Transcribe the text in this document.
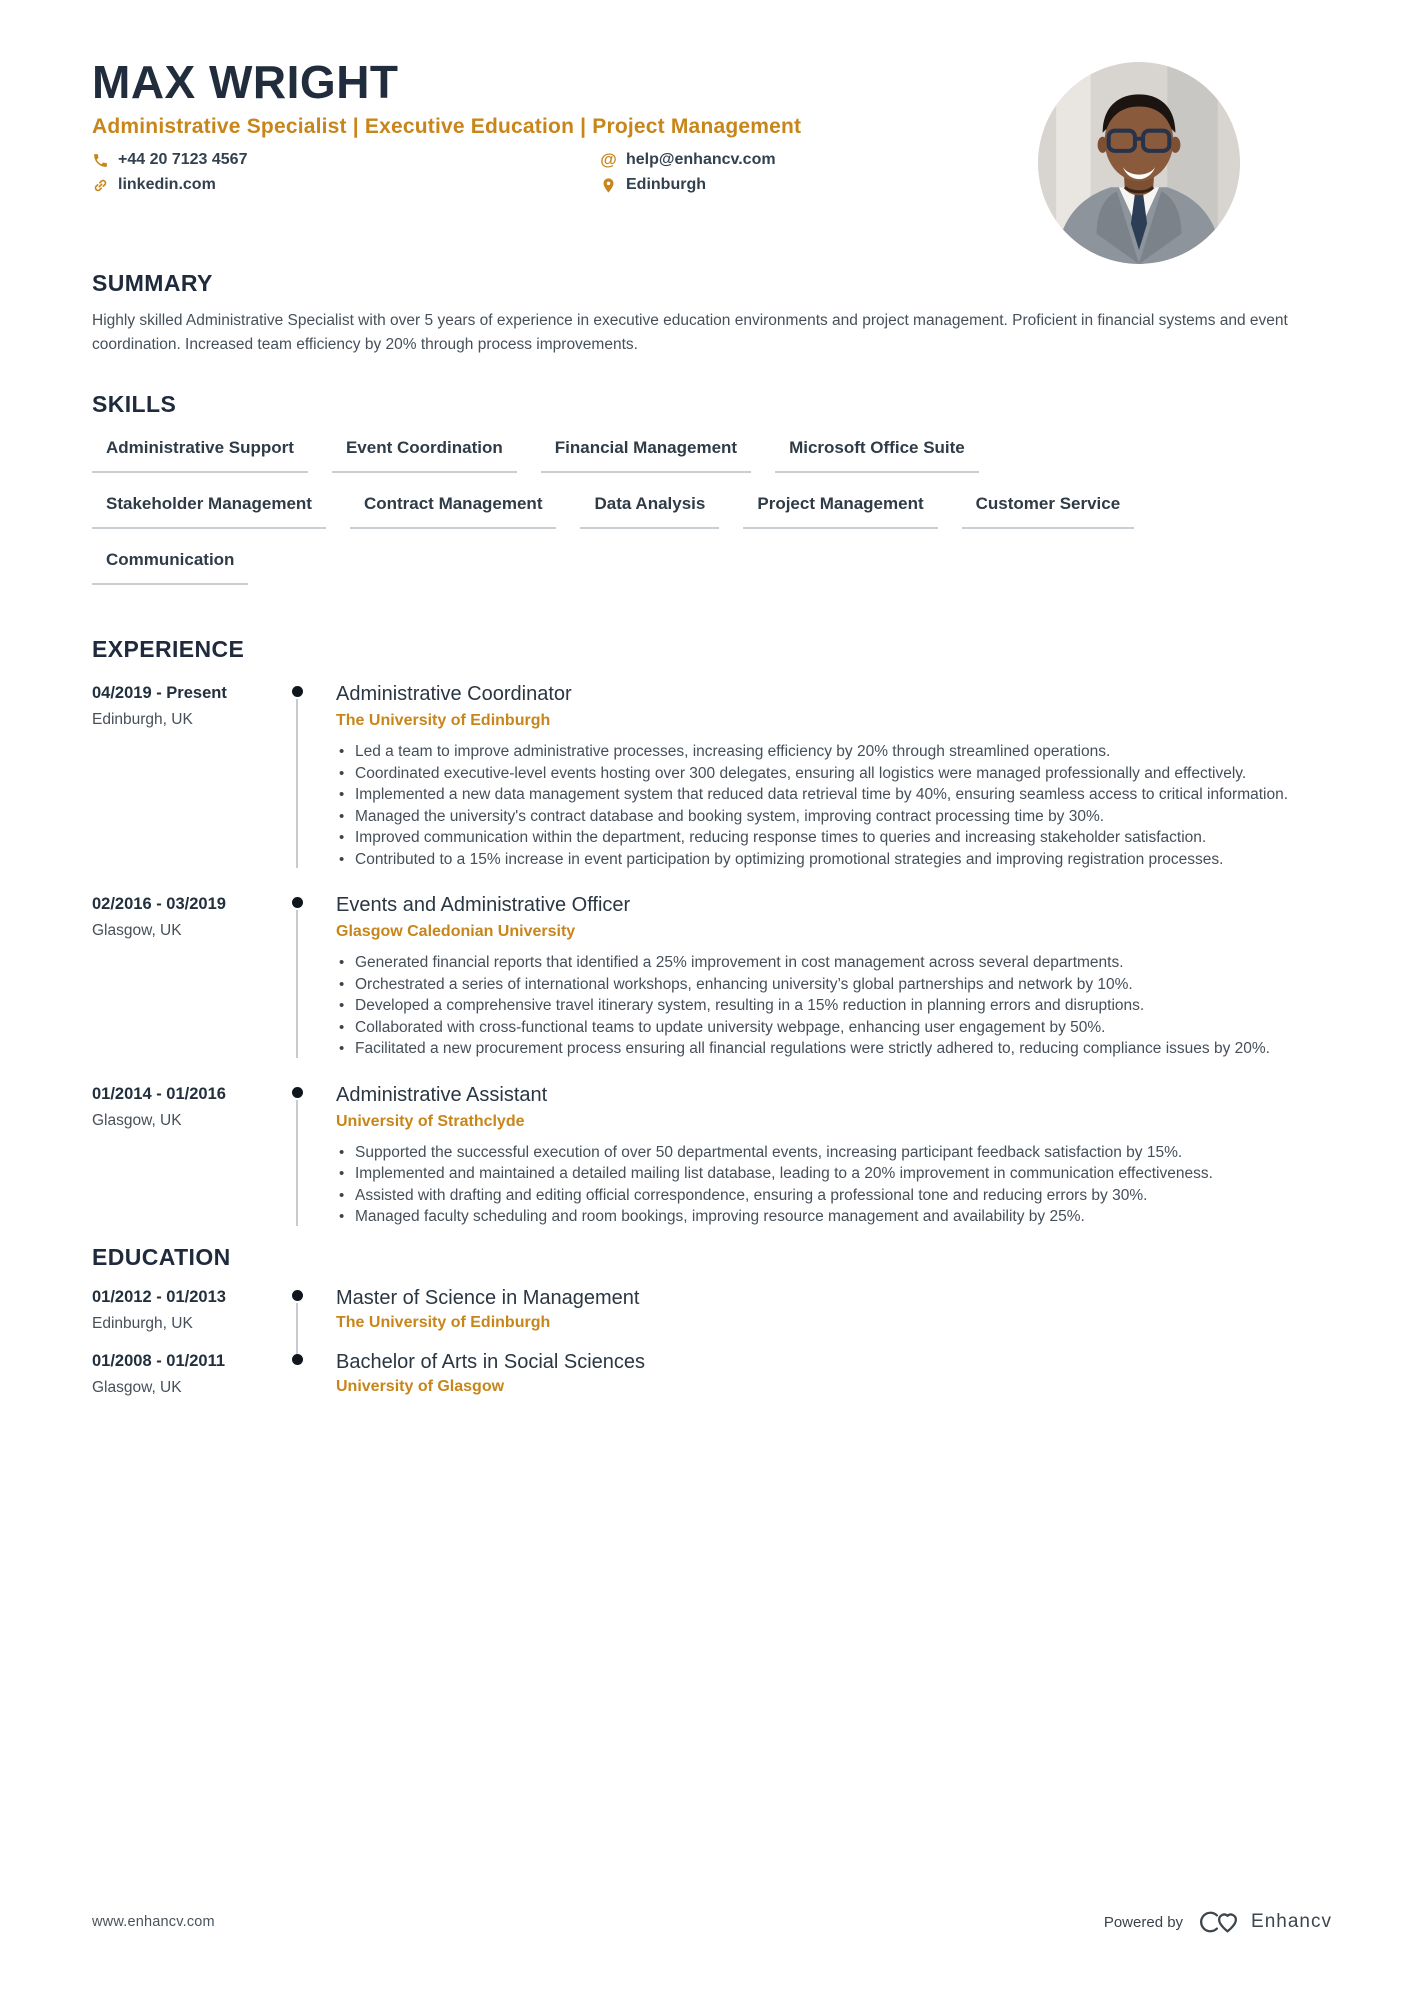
MAX WRIGHT
Administrative Specialist | Executive Education | Project Management
+44 20 7123 4567	@ help@enhancv.com
linkedin.com	Edinburgh
SUMMARY
Highly skilled Administrative Specialist with over 5 years of experience in executive education environments and project management. Proficient in financial systems and event coordination. Increased team efficiency by 20% through process improvements.
SKILLS
Administrative Support	Event Coordination	Financial Management	Microsoft Office Suite
Stakeholder Management	Contract Management	Data Analysis	Project Management	Customer Service
Communication
EXPERIENCE
04/2019 - Present
Edinburgh, UK
Administrative Coordinator
The University of Edinburgh
• Led a team to improve administrative processes, increasing efficiency by 20% through streamlined operations.
• Coordinated executive-level events hosting over 300 delegates, ensuring all logistics were managed professionally and effectively.
• Implemented a new data management system that reduced data retrieval time by 40%, ensuring seamless access to critical information.
• Managed the university's contract database and booking system, improving contract processing time by 30%.
• Improved communication within the department, reducing response times to queries and increasing stakeholder satisfaction.
• Contributed to a 15% increase in event participation by optimizing promotional strategies and improving registration processes.
02/2016 - 03/2019
Glasgow, UK
Events and Administrative Officer
Glasgow Caledonian University
• Generated financial reports that identified a 25% improvement in cost management across several departments.
• Orchestrated a series of international workshops, enhancing university’s global partnerships and network by 10%.
• Developed a comprehensive travel itinerary system, resulting in a 15% reduction in planning errors and disruptions.
• Collaborated with cross-functional teams to update university webpage, enhancing user engagement by 50%.
• Facilitated a new procurement process ensuring all financial regulations were strictly adhered to, reducing compliance issues by 20%.
01/2014 - 01/2016
Glasgow, UK
Administrative Assistant
University of Strathclyde
• Supported the successful execution of over 50 departmental events, increasing participant feedback satisfaction by 15%.
• Implemented and maintained a detailed mailing list database, leading to a 20% improvement in communication effectiveness.
• Assisted with drafting and editing official correspondence, ensuring a professional tone and reducing errors by 30%.
• Managed faculty scheduling and room bookings, improving resource management and availability by 25%.
EDUCATION
01/2012 - 01/2013
Edinburgh, UK
Master of Science in Management
The University of Edinburgh
01/2008 - 01/2011
Glasgow, UK
Bachelor of Arts in Social Sciences
University of Glasgow
www.enhancv.com	Powered by	Enhancv
